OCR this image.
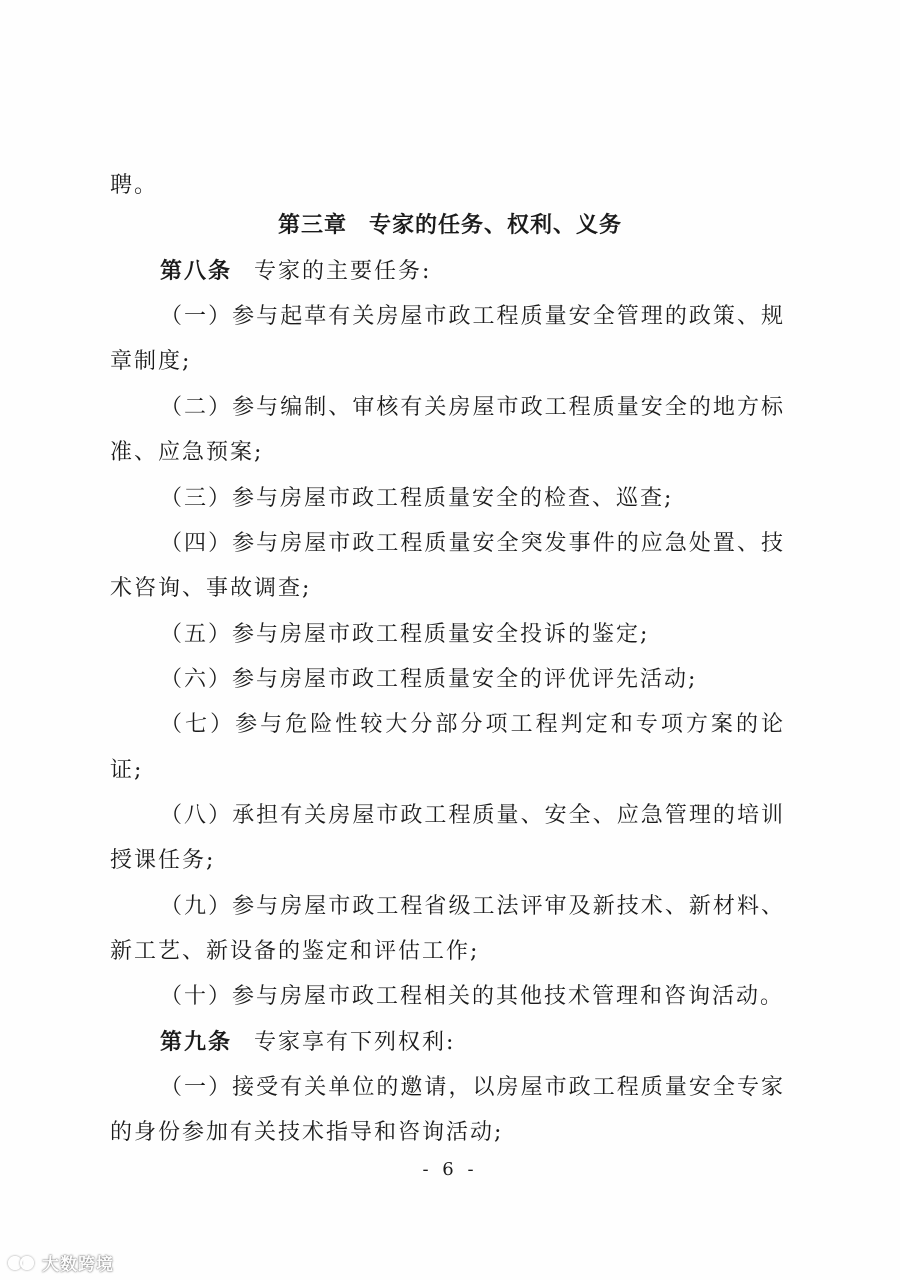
聘。
第三章 专家的任务、权利、义务
第八条 专家的主要任务:
（一）参与起草有关房屋市政工程质量安全管理的政策、规
章制度;
（二）参与编制、审核有关房屋市政工程质量安全的地方标
准、应急预案;
（三）参与房屋市政工程质量安全的检查、巡查;
（四）参与房屋市政工程质量安全突发事件的应急处置、技
术咨询、事故调查;
（五）参与房屋市政工程质量安全投诉的鉴定;
（六）参与房屋市政工程质量安全的评优评先活动;
（七）参与危险性较大分部分项工程判定和专项方案的论
证;
（八）承担有关房屋市政工程质量、安全、应急管理的培训
授课任务;
（九）参与房屋市政工程省级工法评审及新技术、新材料、
新工艺、新设备的鉴定和评估工作;
（十）参与房屋市政工程相关的其他技术管理和咨询活动。
第九条 专家享有下列权利:
（一）接受有关单位的邀请，以房屋市政工程质量安全专家
的身份参加有关技术指导和咨询活动;
- 6 -
大数跨境
